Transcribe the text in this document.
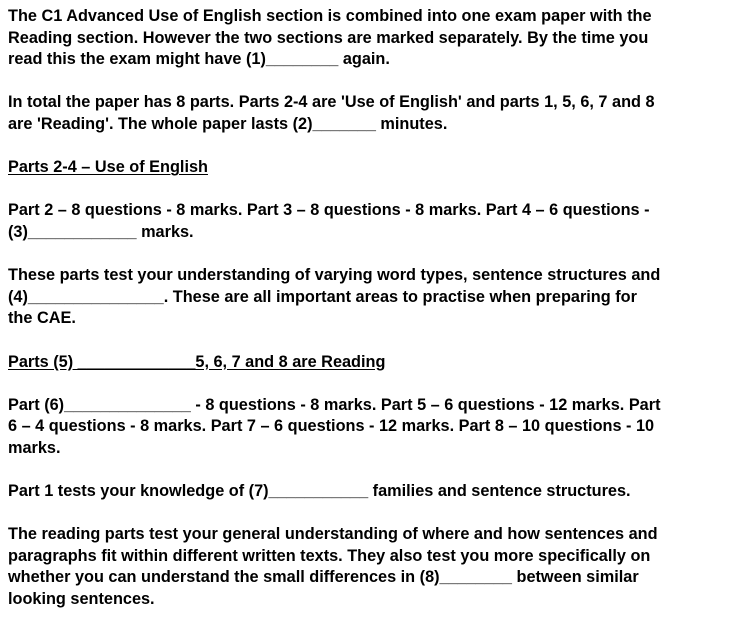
The C1 Advanced Use of English section is combined into one exam paper with the
Reading section. However the two sections are marked separately. By the time you
read this the exam might have (1)________ again.

In total the paper has 8 parts. Parts 2-4 are 'Use of English' and parts 1, 5, 6, 7 and 8
are 'Reading'. The whole paper lasts (2)_______ minutes.

Parts 2-4 – Use of English

Part 2 – 8 questions - 8 marks. Part 3 – 8 questions - 8 marks. Part 4 – 6 questions -
(3)____________ marks.

These parts test your understanding of varying word types, sentence structures and
(4)_______________. These are all important areas to practise when preparing for
the CAE.

Parts (5) _____________5, 6, 7 and 8 are Reading

Part (6)______________ - 8 questions - 8 marks. Part 5 – 6 questions - 12 marks. Part
6 – 4 questions - 8 marks. Part 7 – 6 questions - 12 marks. Part 8 – 10 questions - 10
marks.

Part 1 tests your knowledge of (7)___________ families and sentence structures.

The reading parts test your general understanding of where and how sentences and
paragraphs fit within different written texts. They also test you more specifically on
whether you can understand the small differences in (8)________ between similar
looking sentences.
